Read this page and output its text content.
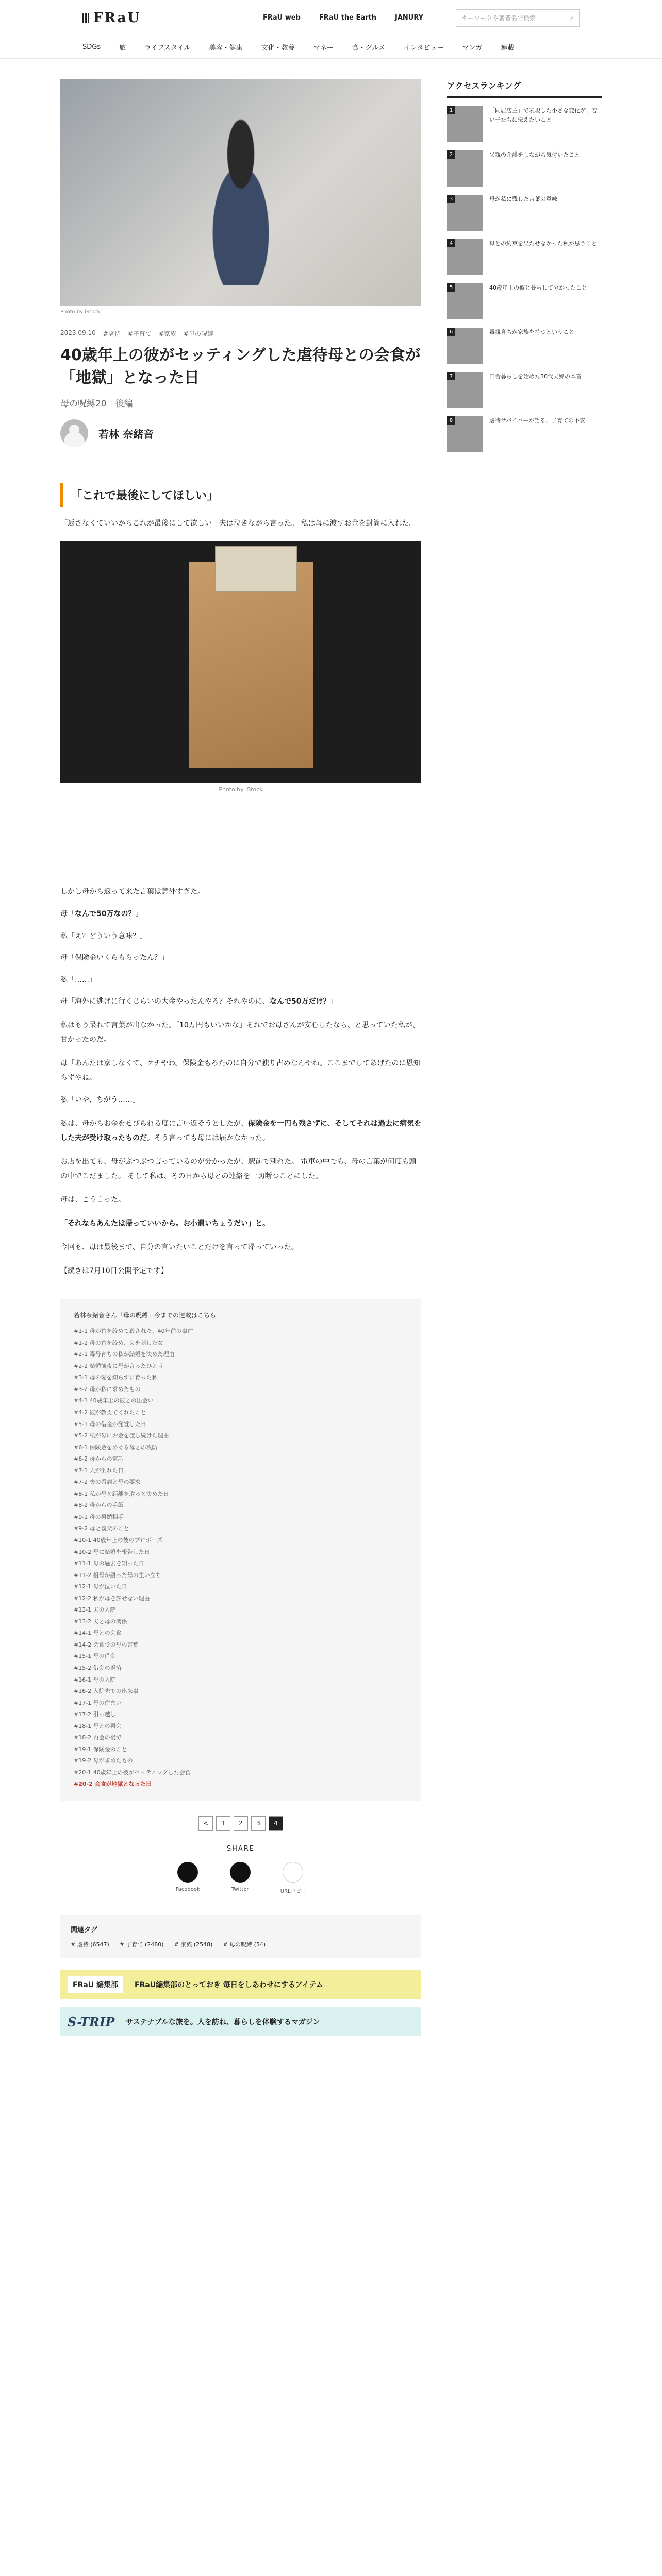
FRaU	FRaU web	FRaU the Earth	JANURY	キーワードや著者名で検索	⌕
SDGs	旅	ライフスタイル	美容・健康	文化・教養	マネー	食・グルメ	インタビュー	マンガ	連載
Photo by iStock
2023.09.10 #虐待 #子育て #家族 #母の呪縛
40歳年上の彼がセッティングした虐待母との会食が「地獄」となった日
母の呪縛20　後編
若林 奈緒音
「これで最後にしてほしい」

「返さなくていいからこれが最後にして欲しい」夫は泣きながら言った。 私は母に渡すお金を封筒に入れた。

Photo by iStock

しかし母から返って来た言葉は意外すぎた。

母「なんで50万なの？」

私「え？どういう意味？」

母「保険金いくらもらったん？」

私「……」

母「海外に逃げに行くじらいの大金やったんやろ？それやのに、なんで50万だけ？」

私はもう呆れて言葉が出なかった。「10万円もいいかな」それでお母さんが安心したなら、と思っていた私が、甘かったのだ。

母「あんたは家しなくて、ケチやわ。保険金もろたのに自分で独り占めなんやね。ここまでしてあげたのに恩知らずやね。」

私「いや、ちがう……」

私は、母からお金をせびられる度に言い返そうとしたが、保険金を一円も残さずに、そしてそれは過去に病気をした夫が受け取ったものだ。そう言っても母には届かなかった。

お店を出ても、母がぶつぶつ言っているのが分かったが、駅前で別れた。 電車の中でも、母の言葉が何度も頭の中でこだました。 そして私は、その日から母との連絡を一切断つことにした。

母は、こう言った。

「それならあんたは帰っていいから。お小遣いちょうだい」と。

今回も、母は最後まで、自分の言いたいことだけを言って帰っていった。

【続きは7月10日公開予定です】

若林奈緒音さん「母の呪縛」今までの連載はこちら
#1-1 母が首を絞めて殺された、40年前の事件
#1-2 母の首を絞め、父を刺した女
#2-1 毒母育ちの私が結婚を決めた理由
#2-2 結婚前夜に母が言ったひと言
#3-1 母の愛を知らずに育った私
#3-2 母が私に求めたもの
#4-1 40歳年上の彼との出会い
#4-2 彼が教えてくれたこと
#5-1 母の借金が発覚した日
#5-2 私が母にお金を渡し続けた理由
#6-1 保険金をめぐる母との攻防
#6-2 母からの電話
#7-1 夫が倒れた日
#7-2 夫の看病と母の要求
#8-1 私が母と距離を取ると決めた日
#8-2 母からの手紙
#9-1 母の再婚相手
#9-2 母と義父のこと
#10-1 40歳年上の彼のプロポーズ
#10-2 母に結婚を報告した日
#11-1 母の過去を知った日
#11-2 祖母が語った母の生い立ち
#12-1 母が泣いた日
#12-2 私が母を許せない理由
#13-1 夫の入院
#13-2 夫と母の関係
#14-1 母との会食
#14-2 会食での母の言葉
#15-1 母の借金
#15-2 借金の返済
#16-1 母の入院
#16-2 入院先での出来事
#17-1 母の住まい
#17-2 引っ越し
#18-1 母との再会
#18-2 再会の後で
#19-1 保険金のこと
#19-2 母が求めたもの
#20-1 40歳年上の彼がセッティングした会食
#20-2 会食が地獄となった日
<	1	2	3	4
SHARE
Facebook	Twitter	URLコピー
関連タグ
# 虐待 (6547) # 子育て (2480) # 家族 (2548) # 母の呪縛 (54)
FRaU 編集部	FRaU編集部のとっておき 毎日をしあわせにするアイテム
S-TRIP サステナブルな旅を。人を訪ね、暮らしを体験するマガジン
アクセスランキング
1	「同居店主」で表現した小さな変化が、若い子たちに伝えたいこと
2	父親の介護をしながら気付いたこと
3	母が私に残した言葉の意味
4	母との約束を果たせなかった私が思うこと
5	40歳年上の彼と暮らして分かったこと
6	毒親育ちが家族を持つということ
7	田舎暮らしを始めた30代夫婦の本音
8	虐待サバイバーが語る、子育ての不安
